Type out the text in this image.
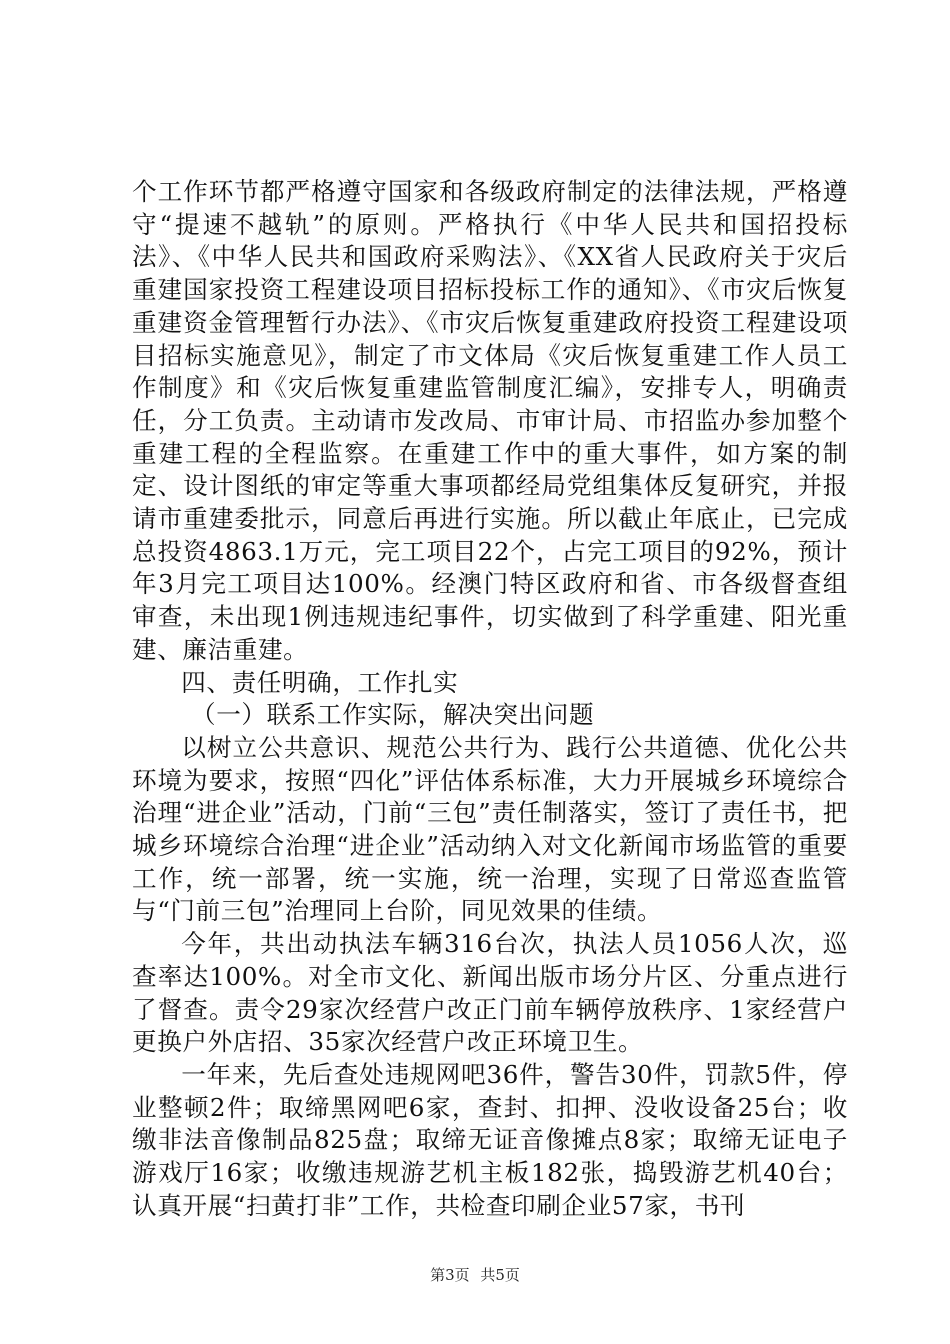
个工作环节都严格遵守国家和各级政府制定的法律法规，严格遵守“提速不越轨”的原则。严格执行《中华人民共和国招投标法》、《中华人民共和国政府采购法》、《XX省人民政府关于灾后重建国家投资工程建设项目招标投标工作的通知》、《市灾后恢复重建资金管理暂行办法》、《市灾后恢复重建政府投资工程建设项目招标实施意见》，制定了市文体局《灾后恢复重建工作人员工作制度》和《灾后恢复重建监管制度汇编》，安排专人，明确责任，分工负责。主动请市发改局、市审计局、市招监办参加整个重建工程的全程监察。在重建工作中的重大事件，如方案的制定、设计图纸的审定等重大事项都经局党组集体反复研究，并报请市重建委批示，同意后再进行实施。所以截止年底止，已完成总投资4863.1万元，完工项目22个，占完工项目的92%，预计年3月完工项目达100%。经澳门特区政府和省、市各级督查组审查，未出现1例违规违纪事件，切实做到了科学重建、阳光重建、廉洁重建。

四、责任明确，工作扎实

（一）联系工作实际，解决突出问题

以树立公共意识、规范公共行为、践行公共道德、优化公共环境为要求，按照“四化”评估体系标准，大力开展城乡环境综合治理“进企业”活动，门前“三包”责任制落实，签订了责任书，把城乡环境综合治理“进企业”活动纳入对文化新闻市场监管的重要工作，统一部署，统一实施，统一治理，实现了日常巡查监管与“门前三包”治理同上台阶，同见效果的佳绩。

今年，共出动执法车辆316台次，执法人员1056人次，巡查率达100%。对全市文化、新闻出版市场分片区、分重点进行了督查。责令29家次经营户改正门前车辆停放秩序、1家经营户更换户外店招、35家次经营户改正环境卫生。

一年来，先后查处违规网吧36件，警告30件，罚款5件，停业整顿2件；取缔黑网吧6家，查封、扣押、没收设备25台；收缴非法音像制品825盘；取缔无证音像摊点8家；取缔无证电子游戏厅16家；收缴违规游艺机主板182张，捣毁游艺机40台；认真开展“扫黄打非”工作，共检查印刷企业57家，书刊

第3页 共5页
